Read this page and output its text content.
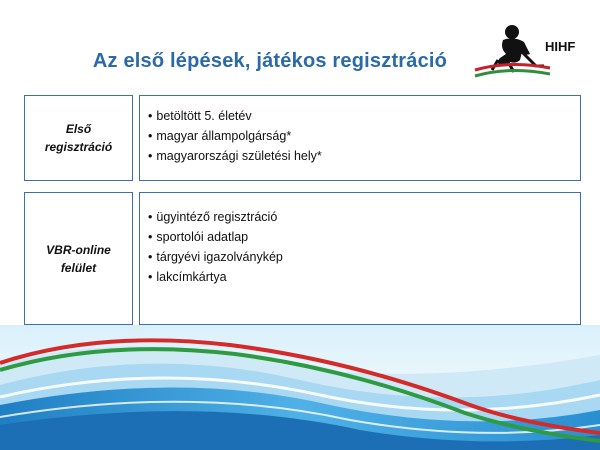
Az első lépések, játékos regisztráció
HIHF
Első
regisztráció
• betöltött 5. életév
• magyar állampolgárság*
• magyarországi születési hely*
VBR-online
felület
• ügyintéző regisztráció
• sportolói adatlap
• tárgyévi igazolványkép
• lakcímkártya
